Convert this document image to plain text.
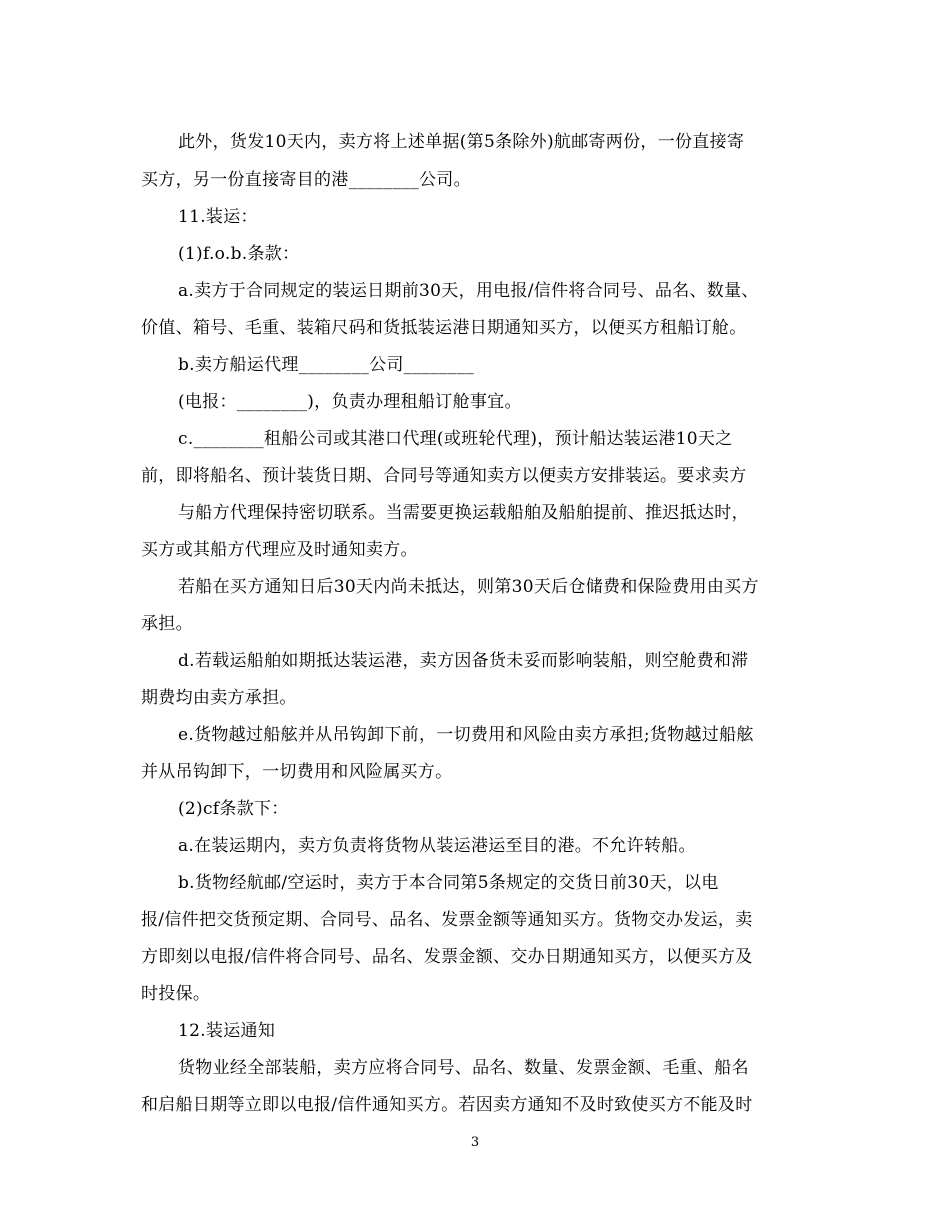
此外，货发10天内，卖方将上述单据(第5条除外)航邮寄两份，一份直接寄
买方，另一份直接寄目的港________公司。
11.装运：
(1)f.o.b.条款：
a.卖方于合同规定的装运日期前30天，用电报/信件将合同号、品名、数量、
价值、箱号、毛重、装箱尺码和货抵装运港日期通知买方，以便买方租船订舱。
b.卖方船运代理________公司________
(电报：________)，负责办理租船订舱事宜。
c.________租船公司或其港口代理(或班轮代理)，预计船达装运港10天之
前，即将船名、预计装货日期、合同号等通知卖方以便卖方安排装运。要求卖方
与船方代理保持密切联系。当需要更换运载船舶及船舶提前、推迟抵达时，
买方或其船方代理应及时通知卖方。
若船在买方通知日后30天内尚未抵达，则第30天后仓储费和保险费用由买方
承担。
d.若载运船舶如期抵达装运港，卖方因备货未妥而影响装船，则空舱费和滞
期费均由卖方承担。
e.货物越过船舷并从吊钩卸下前，一切费用和风险由卖方承担;货物越过船舷
并从吊钩卸下，一切费用和风险属买方。
(2)cf条款下：
a.在装运期内，卖方负责将货物从装运港运至目的港。不允许转船。
b.货物经航邮/空运时，卖方于本合同第5条规定的交货日前30天，以电
报/信件把交货预定期、合同号、品名、发票金额等通知买方。货物交办发运，卖
方即刻以电报/信件将合同号、品名、发票金额、交办日期通知买方，以便买方及
时投保。
12.装运通知
货物业经全部装船，卖方应将合同号、品名、数量、发票金额、毛重、船名
和启船日期等立即以电报/信件通知买方。若因卖方通知不及时致使买方不能及时
3
